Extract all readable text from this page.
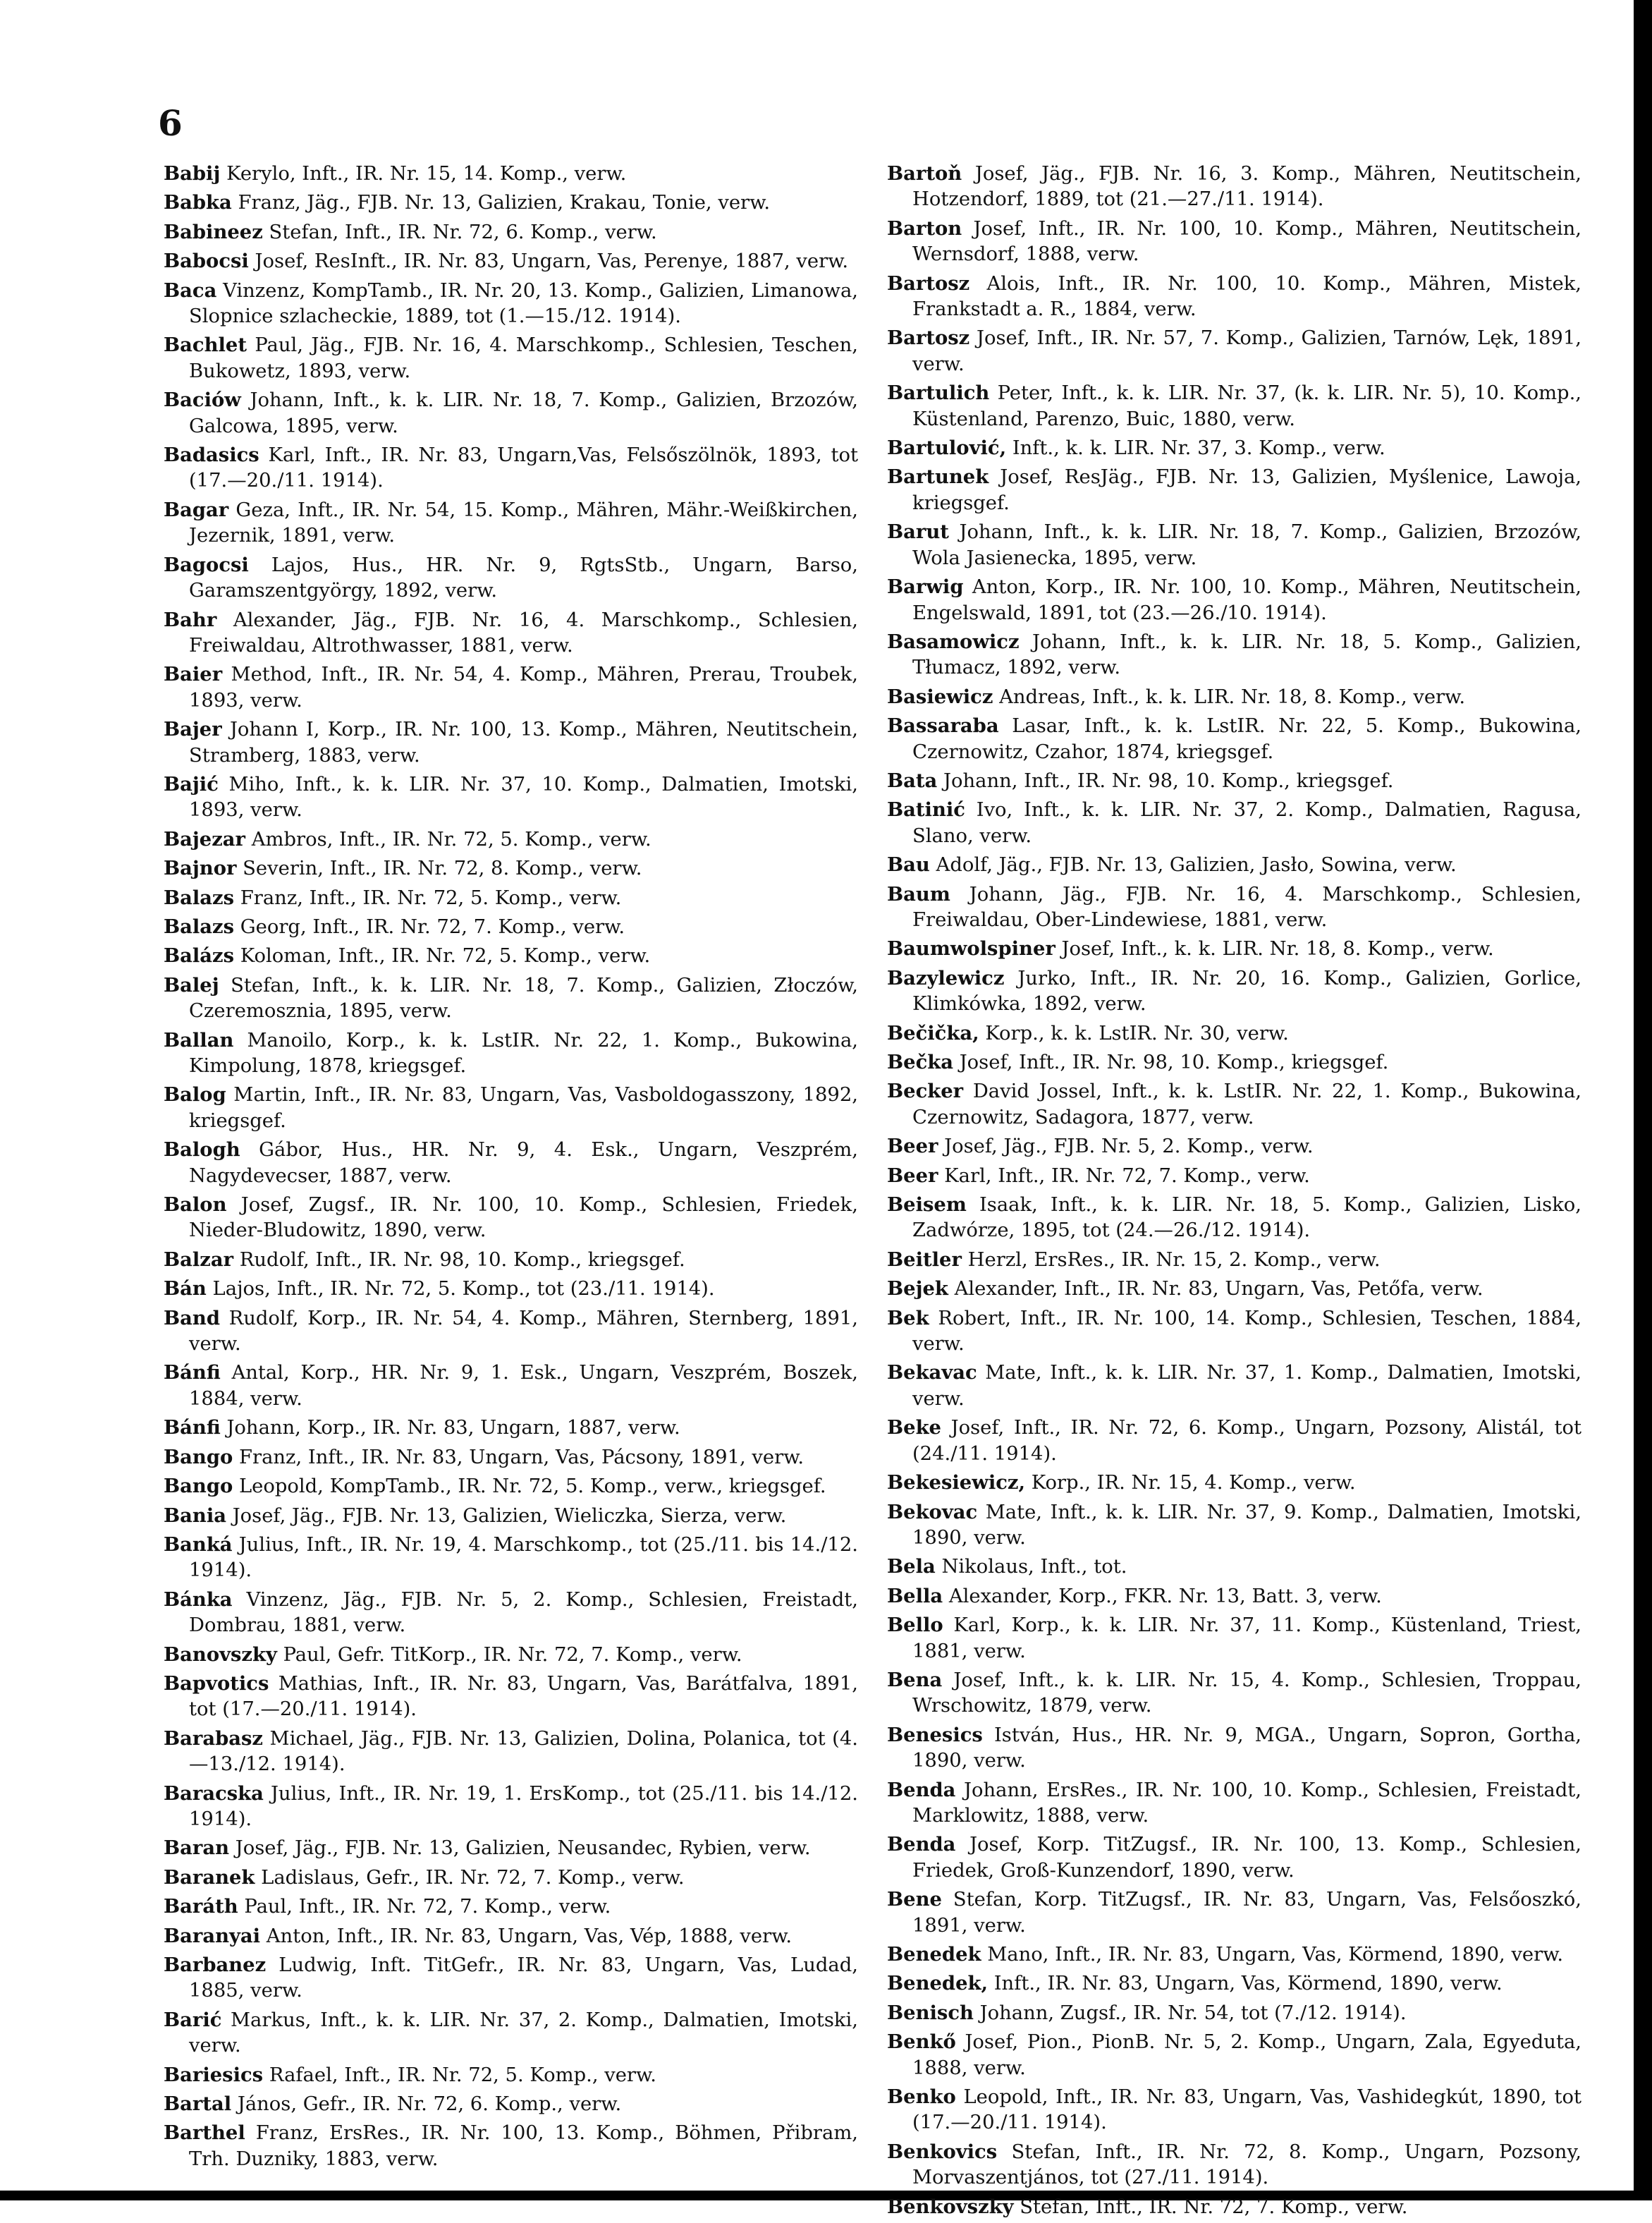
6

Babij Kerylo, Inft., IR. Nr. 15, 14. Komp., verw.

Babka Franz, Jäg., FJB. Nr. 13, Galizien, Krakau, Tonie, verw.

Babineez Stefan, Inft., IR. Nr. 72, 6. Komp., verw.

Babocsi Josef, ResInft., IR. Nr. 83, Ungarn, Vas, Perenye, 1887, verw.

Baca Vinzenz, KompTamb., IR. Nr. 20, 13. Komp., Galizien, Limanowa, Slopnice szlacheckie, 1889, tot (1.—15./12. 1914).

Bachlet Paul, Jäg., FJB. Nr. 16, 4. Marschkomp., Schlesien, Teschen, Bukowetz, 1893, verw.

Baciów Johann, Inft., k. k. LIR. Nr. 18, 7. Komp., Galizien, Brzozów, Galcowa, 1895, verw.

Badasics Karl, Inft., IR. Nr. 83, Ungarn,Vas, Felsőszölnök, 1893, tot (17.—20./11. 1914).

Bagar Geza, Inft., IR. Nr. 54, 15. Komp., Mähren, Mähr.-Weißkirchen, Jezernik, 1891, verw.

Bagocsi Lajos, Hus., HR. Nr. 9, RgtsStb., Ungarn, Barso, Garamszentgyörgy, 1892, verw.

Bahr Alexander, Jäg., FJB. Nr. 16, 4. Marschkomp., Schlesien, Freiwaldau, Altrothwasser, 1881, verw.

Baier Method, Inft., IR. Nr. 54, 4. Komp., Mähren, Prerau, Troubek, 1893, verw.

Bajer Johann I, Korp., IR. Nr. 100, 13. Komp., Mähren, Neutitschein, Stramberg, 1883, verw.

Bajić Miho, Inft., k. k. LIR. Nr. 37, 10. Komp., Dalmatien, Imotski, 1893, verw.

Bajezar Ambros, Inft., IR. Nr. 72, 5. Komp., verw.

Bajnor Severin, Inft., IR. Nr. 72, 8. Komp., verw.

Balazs Franz, Inft., IR. Nr. 72, 5. Komp., verw.

Balazs Georg, Inft., IR. Nr. 72, 7. Komp., verw.

Balázs Koloman, Inft., IR. Nr. 72, 5. Komp., verw.

Balej Stefan, Inft., k. k. LIR. Nr. 18, 7. Komp., Galizien, Złoczów, Czeremosznia, 1895, verw.

Ballan Manoilo, Korp., k. k. LstIR. Nr. 22, 1. Komp., Bukowina, Kimpolung, 1878, kriegsgef.

Balog Martin, Inft., IR. Nr. 83, Ungarn, Vas, Vasboldogasszony, 1892, kriegsgef.

Balogh Gábor, Hus., HR. Nr. 9, 4. Esk., Ungarn, Veszprém, Nagydevecser, 1887, verw.

Balon Josef, Zugsf., IR. Nr. 100, 10. Komp., Schlesien, Friedek, Nieder-Bludowitz, 1890, verw.

Balzar Rudolf, Inft., IR. Nr. 98, 10. Komp., kriegsgef.

Bán Lajos, Inft., IR. Nr. 72, 5. Komp., tot (23./11. 1914).

Band Rudolf, Korp., IR. Nr. 54, 4. Komp., Mähren, Sternberg, 1891, verw.

Bánfi Antal, Korp., HR. Nr. 9, 1. Esk., Ungarn, Veszprém, Boszek, 1884, verw.

Bánfi Johann, Korp., IR. Nr. 83, Ungarn, 1887, verw.

Bango Franz, Inft., IR. Nr. 83, Ungarn, Vas, Pácsony, 1891, verw.

Bango Leopold, KompTamb., IR. Nr. 72, 5. Komp., verw., kriegsgef.

Bania Josef, Jäg., FJB. Nr. 13, Galizien, Wieliczka, Sierza, verw.

Banká Julius, Inft., IR. Nr. 19, 4. Marschkomp., tot (25./11. bis 14./12. 1914).

Bánka Vinzenz, Jäg., FJB. Nr. 5, 2. Komp., Schlesien, Freistadt, Dombrau, 1881, verw.

Banovszky Paul, Gefr. TitKorp., IR. Nr. 72, 7. Komp., verw.

Bapvotics Mathias, Inft., IR. Nr. 83, Ungarn, Vas, Barátfalva, 1891, tot (17.—20./11. 1914).

Barabasz Michael, Jäg., FJB. Nr. 13, Galizien, Dolina, Polanica, tot (4.—13./12. 1914).

Baracska Julius, Inft., IR. Nr. 19, 1. ErsKomp., tot (25./11. bis 14./12. 1914).

Baran Josef, Jäg., FJB. Nr. 13, Galizien, Neusandec, Rybien, verw.

Baranek Ladislaus, Gefr., IR. Nr. 72, 7. Komp., verw.

Baráth Paul, Inft., IR. Nr. 72, 7. Komp., verw.

Baranyai Anton, Inft., IR. Nr. 83, Ungarn, Vas, Vép, 1888, verw.

Barbanez Ludwig, Inft. TitGefr., IR. Nr. 83, Ungarn, Vas, Ludad, 1885, verw.

Barić Markus, Inft., k. k. LIR. Nr. 37, 2. Komp., Dalmatien, Imotski, verw.

Bariesics Rafael, Inft., IR. Nr. 72, 5. Komp., verw.

Bartal János, Gefr., IR. Nr. 72, 6. Komp., verw.

Barthel Franz, ErsRes., IR. Nr. 100, 13. Komp., Böhmen, Přibram, Trh. Duzniky, 1883, verw.

Bartoň Josef, Jäg., FJB. Nr. 16, 3. Komp., Mähren, Neutitschein, Hotzendorf, 1889, tot (21.—27./11. 1914).

Barton Josef, Inft., IR. Nr. 100, 10. Komp., Mähren, Neutitschein, Wernsdorf, 1888, verw.

Bartosz Alois, Inft., IR. Nr. 100, 10. Komp., Mähren, Mistek, Frankstadt a. R., 1884, verw.

Bartosz Josef, Inft., IR. Nr. 57, 7. Komp., Galizien, Tarnów, Lęk, 1891, verw.

Bartulich Peter, Inft., k. k. LIR. Nr. 37, (k. k. LIR. Nr. 5), 10. Komp., Küstenland, Parenzo, Buic, 1880, verw.

Bartulović, Inft., k. k. LIR. Nr. 37, 3. Komp., verw.

Bartunek Josef, ResJäg., FJB. Nr. 13, Galizien, Myślenice, Lawoja, kriegsgef.

Barut Johann, Inft., k. k. LIR. Nr. 18, 7. Komp., Galizien, Brzozów, Wola Jasienecka, 1895, verw.

Barwig Anton, Korp., IR. Nr. 100, 10. Komp., Mähren, Neutitschein, Engelswald, 1891, tot (23.—26./10. 1914).

Basamowicz Johann, Inft., k. k. LIR. Nr. 18, 5. Komp., Galizien, Tłumacz, 1892, verw.

Basiewicz Andreas, Inft., k. k. LIR. Nr. 18, 8. Komp., verw.

Bassaraba Lasar, Inft., k. k. LstIR. Nr. 22, 5. Komp., Bukowina, Czernowitz, Czahor, 1874, kriegsgef.

Bata Johann, Inft., IR. Nr. 98, 10. Komp., kriegsgef.

Batinić Ivo, Inft., k. k. LIR. Nr. 37, 2. Komp., Dalmatien, Ragusa, Slano, verw.

Bau Adolf, Jäg., FJB. Nr. 13, Galizien, Jasło, Sowina, verw.

Baum Johann, Jäg., FJB. Nr. 16, 4. Marschkomp., Schlesien, Freiwaldau, Ober-Lindewiese, 1881, verw.

Baumwolspiner Josef, Inft., k. k. LIR. Nr. 18, 8. Komp., verw.

Bazylewicz Jurko, Inft., IR. Nr. 20, 16. Komp., Galizien, Gorlice, Klimkówka, 1892, verw.

Bečička, Korp., k. k. LstIR. Nr. 30, verw.

Bečka Josef, Inft., IR. Nr. 98, 10. Komp., kriegsgef.

Becker David Jossel, Inft., k. k. LstIR. Nr. 22, 1. Komp., Bukowina, Czernowitz, Sadagora, 1877, verw.

Beer Josef, Jäg., FJB. Nr. 5, 2. Komp., verw.

Beer Karl, Inft., IR. Nr. 72, 7. Komp., verw.

Beisem Isaak, Inft., k. k. LIR. Nr. 18, 5. Komp., Galizien, Lisko, Zadwórze, 1895, tot (24.—26./12. 1914).

Beitler Herzl, ErsRes., IR. Nr. 15, 2. Komp., verw.

Bejek Alexander, Inft., IR. Nr. 83, Ungarn, Vas, Petőfa, verw.

Bek Robert, Inft., IR. Nr. 100, 14. Komp., Schlesien, Teschen, 1884, verw.

Bekavac Mate, Inft., k. k. LIR. Nr. 37, 1. Komp., Dalmatien, Imotski, verw.

Beke Josef, Inft., IR. Nr. 72, 6. Komp., Ungarn, Pozsony, Alistál, tot (24./11. 1914).

Bekesiewicz, Korp., IR. Nr. 15, 4. Komp., verw.

Bekovac Mate, Inft., k. k. LIR. Nr. 37, 9. Komp., Dalmatien, Imotski, 1890, verw.

Bela Nikolaus, Inft., tot.

Bella Alexander, Korp., FKR. Nr. 13, Batt. 3, verw.

Bello Karl, Korp., k. k. LIR. Nr. 37, 11. Komp., Küstenland, Triest, 1881, verw.

Bena Josef, Inft., k. k. LIR. Nr. 15, 4. Komp., Schlesien, Troppau, Wrschowitz, 1879, verw.

Benesics István, Hus., HR. Nr. 9, MGA., Ungarn, Sopron, Gortha, 1890, verw.

Benda Johann, ErsRes., IR. Nr. 100, 10. Komp., Schlesien, Freistadt, Marklowitz, 1888, verw.

Benda Josef, Korp. TitZugsf., IR. Nr. 100, 13. Komp., Schlesien, Friedek, Groß-Kunzendorf, 1890, verw.

Bene Stefan, Korp. TitZugsf., IR. Nr. 83, Ungarn, Vas, Felsőoszkó, 1891, verw.

Benedek Mano, Inft., IR. Nr. 83, Ungarn, Vas, Körmend, 1890, verw.

Benedek, Inft., IR. Nr. 83, Ungarn, Vas, Körmend, 1890, verw.

Benisch Johann, Zugsf., IR. Nr. 54, tot (7./12. 1914).

Benkő Josef, Pion., PionB. Nr. 5, 2. Komp., Ungarn, Zala, Egyeduta, 1888, verw.

Benko Leopold, Inft., IR. Nr. 83, Ungarn, Vas, Vashidegkút, 1890, tot (17.—20./11. 1914).

Benkovics Stefan, Inft., IR. Nr. 72, 8. Komp., Ungarn, Pozsony, Morvaszentjános, tot (27./11. 1914).

Benkovszky Stefan, Inft., IR. Nr. 72, 7. Komp., verw.
